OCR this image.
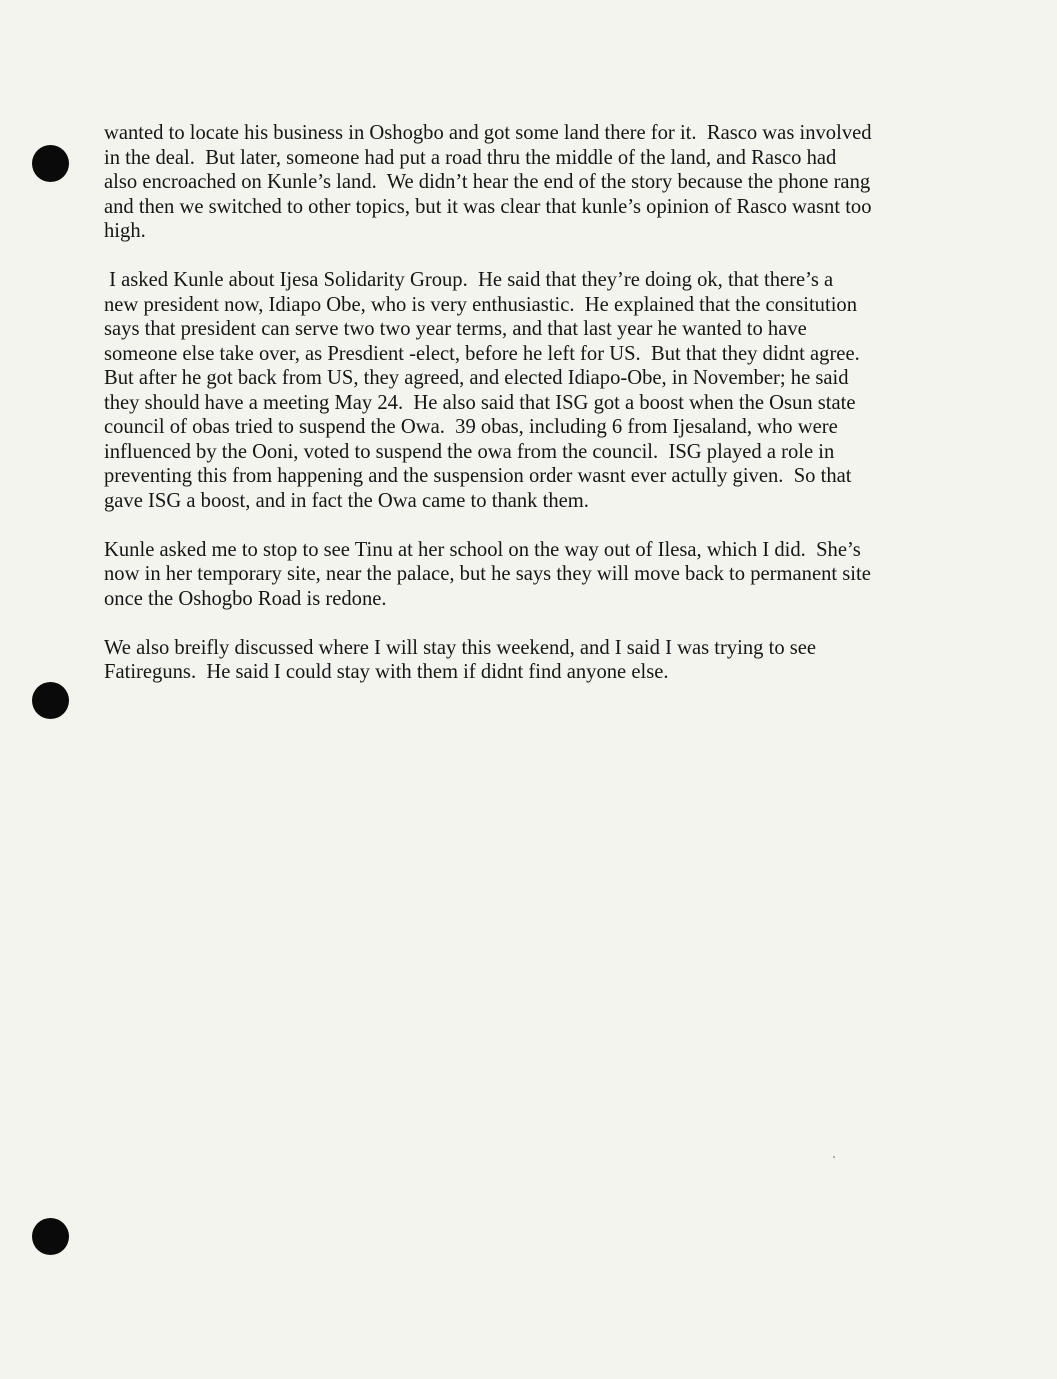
wanted to locate his business in Oshogbo and got some land there for it.  Rasco was involved
in the deal.  But later, someone had put a road thru the middle of the land, and Rasco had
also encroached on Kunle’s land.  We didn’t hear the end of the story because the phone rang
and then we switched to other topics, but it was clear that kunle’s opinion of Rasco wasnt too
high.
I asked Kunle about Ijesa Solidarity Group.  He said that they’re doing ok, that there’s a
new president now, Idiapo Obe, who is very enthusiastic.  He explained that the consitution
says that president can serve two two year terms, and that last year he wanted to have
someone else take over, as Presdient -elect, before he left for US.  But that they didnt agree.
But after he got back from US, they agreed, and elected Idiapo-Obe, in November; he said
they should have a meeting May 24.  He also said that ISG got a boost when the Osun state
council of obas tried to suspend the Owa.  39 obas, including 6 from Ijesaland, who were
influenced by the Ooni, voted to suspend the owa from the council.  ISG played a role in
preventing this from happening and the suspension order wasnt ever actully given.  So that
gave ISG a boost, and in fact the Owa came to thank them.
Kunle asked me to stop to see Tinu at her school on the way out of Ilesa, which I did.  She’s
now in her temporary site, near the palace, but he says they will move back to permanent site
once the Oshogbo Road is redone.
We also breifly discussed where I will stay this weekend, and I said I was trying to see
Fatireguns.  He said I could stay with them if didnt find anyone else.
